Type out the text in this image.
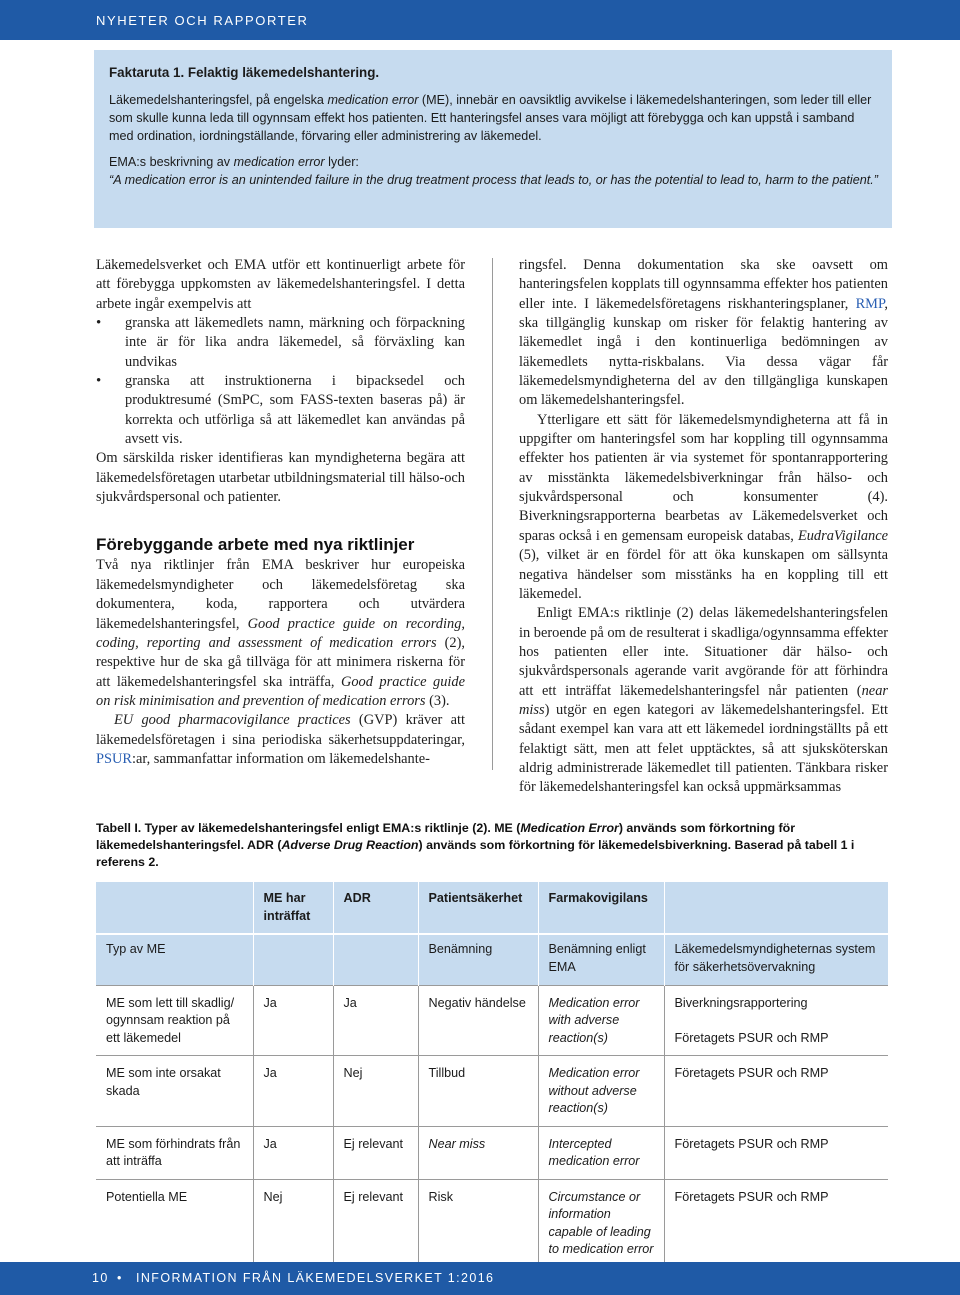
NYHETER OCH RAPPORTER
Faktaruta 1. Felaktig läkemedelshantering.

Läkemedelshanteringsfel, på engelska medication error (ME), innebär en oavsiktlig avvikelse i läkemedelshanteringen, som leder till eller som skulle kunna leda till ogynnsam effekt hos patienten. Ett hanteringsfel anses vara möjligt att förebygga och kan uppstå i samband med ordination, iordningställande, förvaring eller administrering av läkemedel.

EMA:s beskrivning av medication error lyder:

“A medication error is an unintended failure in the drug treatment process that leads to, or has the potential to lead to, harm to the patient.”

Läkemedelsverket och EMA utför ett kontinuerligt arbete för att förebygga uppkomsten av läkemedelshanteringsfel. I detta arbete ingår exempelvis att

• granska att läkemedlets namn, märkning och förpackning inte är för lika andra läkemedel, så förväxling kan undvikas
• granska att instruktionerna i bipacksedel och produktresumé (SmPC, som FASS-texten baseras på) är korrekta och utförliga så att läkemedlet kan användas på avsett vis.

Om särskilda risker identifieras kan myndigheterna begära att läkemedelsföretagen utarbetar utbildningsmaterial till hälso-och sjukvårdspersonal och patienter.

Förebyggande arbete med nya riktlinjer

Två nya riktlinjer från EMA beskriver hur europeiska läkemedelsmyndigheter och läkemedelsföretag ska dokumentera, koda, rapportera och utvärdera läkemedelshanteringsfel, Good practice guide on recording, coding, reporting and assessment of medication errors (2), respektive hur de ska gå tillväga för att minimera riskerna för att läkemedelshanteringsfel ska inträffa, Good practice guide on risk minimisation and prevention of medication errors (3).

EU good pharmacovigilance practices (GVP) kräver att läkemedelsföretagen i sina periodiska säkerhetsuppdateringar, PSUR:ar, sammanfattar information om läkemedelshante-

ringsfel. Denna dokumentation ska ske oavsett om hanteringsfelen kopplats till ogynnsamma effekter hos patienten eller inte. I läkemedelsföretagens riskhanteringsplaner, RMP, ska tillgänglig kunskap om risker för felaktig hantering av läkemedlet ingå i den kontinuerliga bedömningen av läkemedlets nytta-riskbalans. Via dessa vägar får läkemedelsmyndigheterna del av den tillgängliga kunskapen om läkemedelshanteringsfel.

Ytterligare ett sätt för läkemedelsmyndigheterna att få in uppgifter om hanteringsfel som har koppling till ogynnsamma effekter hos patienten är via systemet för spontanrapportering av misstänkta läkemedelsbiverkningar från hälso- och sjukvårdspersonal och konsumenter (4). Biverkningsrapporterna bearbetas av Läkemedelsverket och sparas också i en gemensam europeisk databas, EudraVigilance (5), vilket är en fördel för att öka kunskapen om sällsynta negativa händelser som misstänks ha en koppling till ett läkemedel.

Enligt EMA:s riktlinje (2) delas läkemedelshanteringsfelen in beroende på om de resulterat i skadliga/ogynnsamma effekter hos patienten eller inte. Situationer där hälso- och sjukvårdspersonals agerande varit avgörande för att förhindra att ett inträffat läkemedelshanteringsfel når patienten (near miss) utgör en egen kategori av läkemedelshanteringsfel. Ett sådant exempel kan vara att ett läkemedel iordningställts på ett felaktigt sätt, men att felet upptäcktes, så att sjuksköterskan aldrig administrerade läkemedlet till patienten. Tänkbara risker för läkemedelshanteringsfel kan också uppmärksammas

Tabell I. Typer av läkemedelshanteringsfel enligt EMA:s riktlinje (2). ME (Medication Error) används som förkortning för läkemedelshanteringsfel. ADR (Adverse Drug Reaction) används som förkortning för läkemedelsbiverkning. Baserad på tabell 1 i referens 2.
	ME har inträffat	ADR	Patientsäkerhet	Farmakovigilans	
Typ av ME			Benämning	Benämning enligt EMA	Läkemedelsmyndigheternas system för säkerhetsövervakning
ME som lett till skadlig/ ogynnsam reaktion på ett läkemedel	Ja	Ja	Negativ händelse	Medication error with adverse reaction(s)	Biverkningsrapportering
Företagets PSUR och RMP

ME som inte orsakat skada	Ja	Nej	Tillbud	Medication error without adverse reaction(s)	Företagets PSUR och RMP
ME som förhindrats från att inträffa	Ja	Ej relevant	Near miss	Intercepted medication error	Företagets PSUR och RMP
Potentiella ME	Nej	Ej relevant	Risk	Circumstance or information capable of leading to medication error	Företagets PSUR och RMP
10 • INFORMATION FRÅN LÄKEMEDELSVERKET 1:2016
